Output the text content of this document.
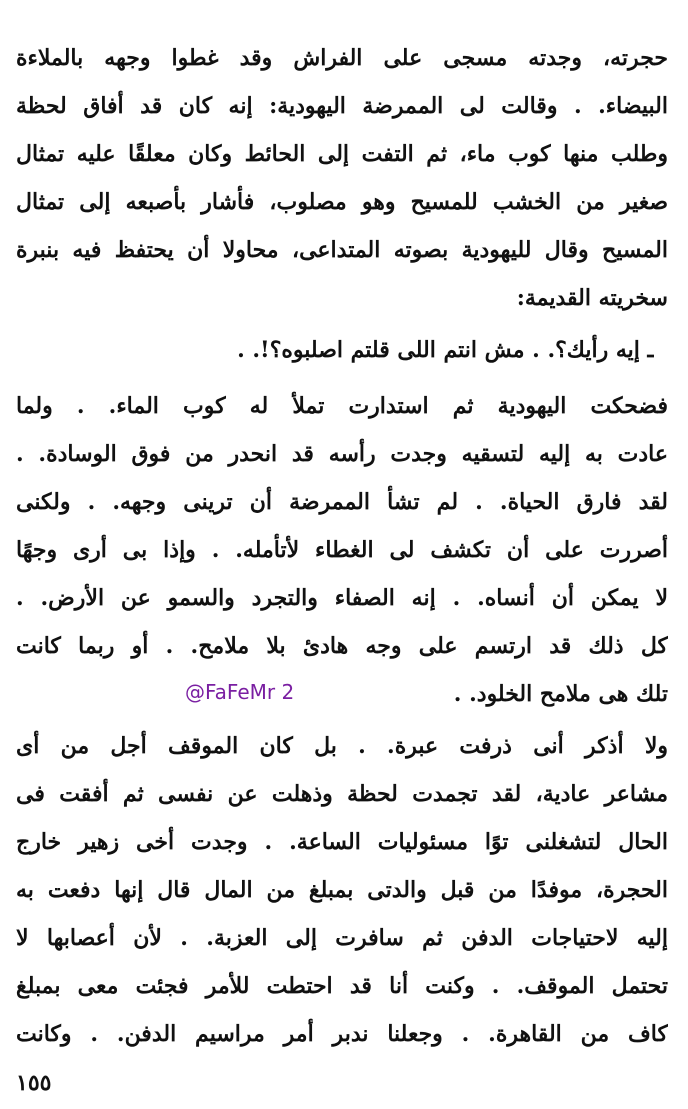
حجرته، وجدته مسجى على الفراش وقد غطوا وجهه بالملاءة
البيضاء. . وقالت لى الممرضة اليهودية: إنه كان قد أفاق لحظة
وطلب منها كوب ماء، ثم التفت إلى الحائط وكان معلقًا عليه تمثال
صغير من الخشب للمسيح وهو مصلوب، فأشار بأصبعه إلى تمثال
المسيح وقال لليهودية بصوته المتداعى، محاولا أن يحتفظ فيه بنبرة
سخريته القديمة:
ـ إيه رأيك؟. . مش انتم اللى قلتم اصلبوه؟!. .
فضحكت اليهودية ثم استدارت تملأ له كوب الماء. . ولما
عادت به إليه لتسقيه وجدت رأسه قد انحدر من فوق الوسادة. .
لقد فارق الحياة. . لم تشأ الممرضة أن ترينى وجهه. . ولكنى
أصررت على أن تكشف لى الغطاء لأتأمله. . وإذا بى أرى وجهًا
لا يمكن أن أنساه. . إنه الصفاء والتجرد والسمو عن الأرض. .
كل ذلك قد ارتسم على وجه هادئ بلا ملامح. . أو ربما كانت
تلك هى ملامح الخلود. .
@FaFeMr 2
ولا أذكر أنى ذرفت عبرة. . بل كان الموقف أجل من أى
مشاعر عادية، لقد تجمدت لحظة وذهلت عن نفسى ثم أفقت فى
الحال لتشغلنى توًا مسئوليات الساعة. . وجدت أخى زهير خارج
الحجرة، موفدًا من قبل والدتى بمبلغ من المال قال إنها دفعت به
إليه لاحتياجات الدفن ثم سافرت إلى العزبة. . لأن أعصابها لا
تحتمل الموقف. . وكنت أنا قد احتطت للأمر فجئت معى بمبلغ
كاف من القاهرة. . وجعلنا ندبر أمر مراسيم الدفن. . وكانت
١٥٥
